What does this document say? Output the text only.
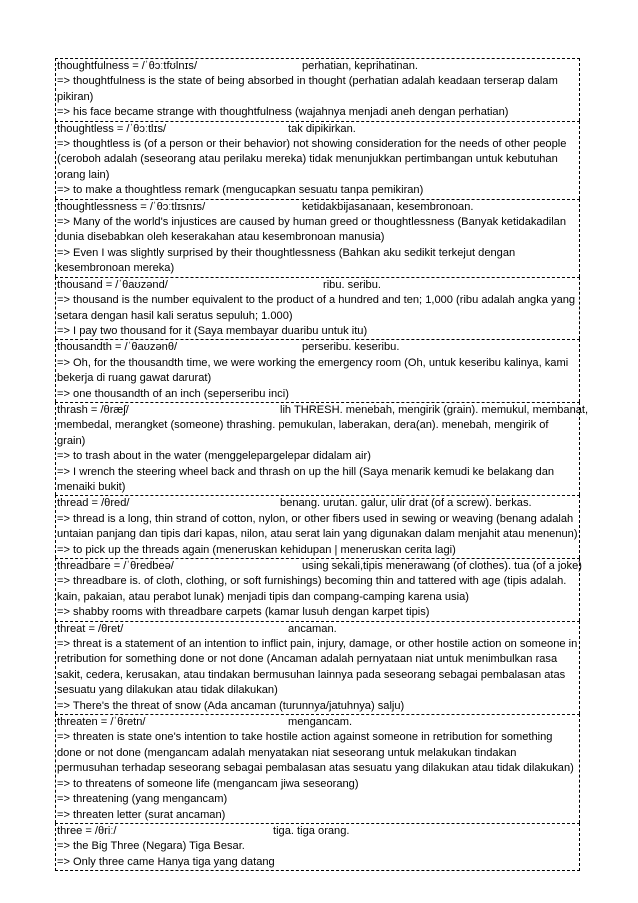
thoughtfulness = /ˈθɔːtfʊlnɪs/	perhatian, keprihatinan.
=> thoughtfulness is the state of being absorbed in thought (perhatian adalah keadaan terserap dalam pikiran)
=> his face became strange with thoughtfulness (wajahnya menjadi aneh dengan perhatian)
thoughtless = /ˈθɔːtlɪs/	tak dipikirkan.
=> thoughtless is (of a person or their behavior) not showing consideration for the needs of other people (ceroboh adalah (seseorang atau perilaku mereka) tidak menunjukkan pertimbangan untuk kebutuhan orang lain)
=> to make a thoughtless remark (mengucapkan sesuatu tanpa pemikiran)
thoughtlessness = /ˈθɔːtlɪsnɪs/	ketidakbijasanaan, kesembronoan.
=> Many of the world's injustices are caused by human greed or thoughtlessness (Banyak ketidakadilan dunia disebabkan oleh keserakahan atau kesembronoan manusia)
=> Even I was slightly surprised by their thoughtlessness (Bahkan aku sedikit terkejut dengan kesembronoan mereka)
thousand = /ˈθaʊzənd/	ribu. seribu.
=> thousand is the number equivalent to the product of a hundred and ten; 1,000 (ribu adalah angka yang setara dengan hasil kali seratus sepuluh; 1.000)
=> I pay two thousand for it (Saya membayar duaribu untuk itu)
thousandth = /ˈθaʊzənθ/	perseribu. keseribu.
=> Oh, for the thousandth time, we were working the emergency room (Oh, untuk keseribu kalinya, kami bekerja di ruang gawat darurat)
=> one thousandth of an inch (seperseribu inci)
thrash = /θræʃ/	lih THRESH. menebah, mengirik (grain). memukul, membanat,
membedal, merangket (someone) thrashing. pemukulan, laberakan, dera(an). menebah, mengirik of grain)
=> to trash about in the water (menggelepargelepar didalam air)
=> I wrench the steering wheel back and thrash on up the hill (Saya menarik kemudi ke belakang dan menaiki bukit)
thread = /θred/	benang. urutan. galur, ulir drat (of a screw). berkas.
=> thread is a long, thin strand of cotton, nylon, or other fibers used in sewing or weaving (benang adalah untaian panjang dan tipis dari kapas, nilon, atau serat lain yang digunakan dalam menjahit atau menenun)
=> to pick up the threads again (meneruskan kehidupan | meneruskan cerita lagi)
threadbare = /ˈθredbeə/	using sekali,tipis menerawang (of clothes). tua (of a joke)
=> threadbare is. of cloth, clothing, or soft furnishings) becoming thin and tattered with age (tipis adalah. kain, pakaian, atau perabot lunak) menjadi tipis dan compang-camping karena usia)
=> shabby rooms with threadbare carpets (kamar lusuh dengan karpet tipis)
threat = /θret/	ancaman.
=> threat is a statement of an intention to inflict pain, injury, damage, or other hostile action on someone in retribution for something done or not done (Ancaman adalah pernyataan niat untuk menimbulkan rasa sakit, cedera, kerusakan, atau tindakan bermusuhan lainnya pada seseorang sebagai pembalasan atas sesuatu yang dilakukan atau tidak dilakukan)
=> There's the threat of snow (Ada ancaman (turunnya/jatuhnya) salju)
threaten = /ˈθretn/	mengancam.
=> threaten is state one's intention to take hostile action against someone in retribution for something done or not done (mengancam adalah menyatakan niat seseorang untuk melakukan tindakan permusuhan terhadap seseorang sebagai pembalasan atas sesuatu yang dilakukan atau tidak dilakukan)
=> to threatens of someone life (mengancam jiwa seseorang)
=> threatening (yang mengancam)
=> threaten letter (surat ancaman)
three = /θriː/	tiga. tiga orang.
=> the Big Three (Negara) Tiga Besar.
=> Only three came Hanya tiga yang datang
